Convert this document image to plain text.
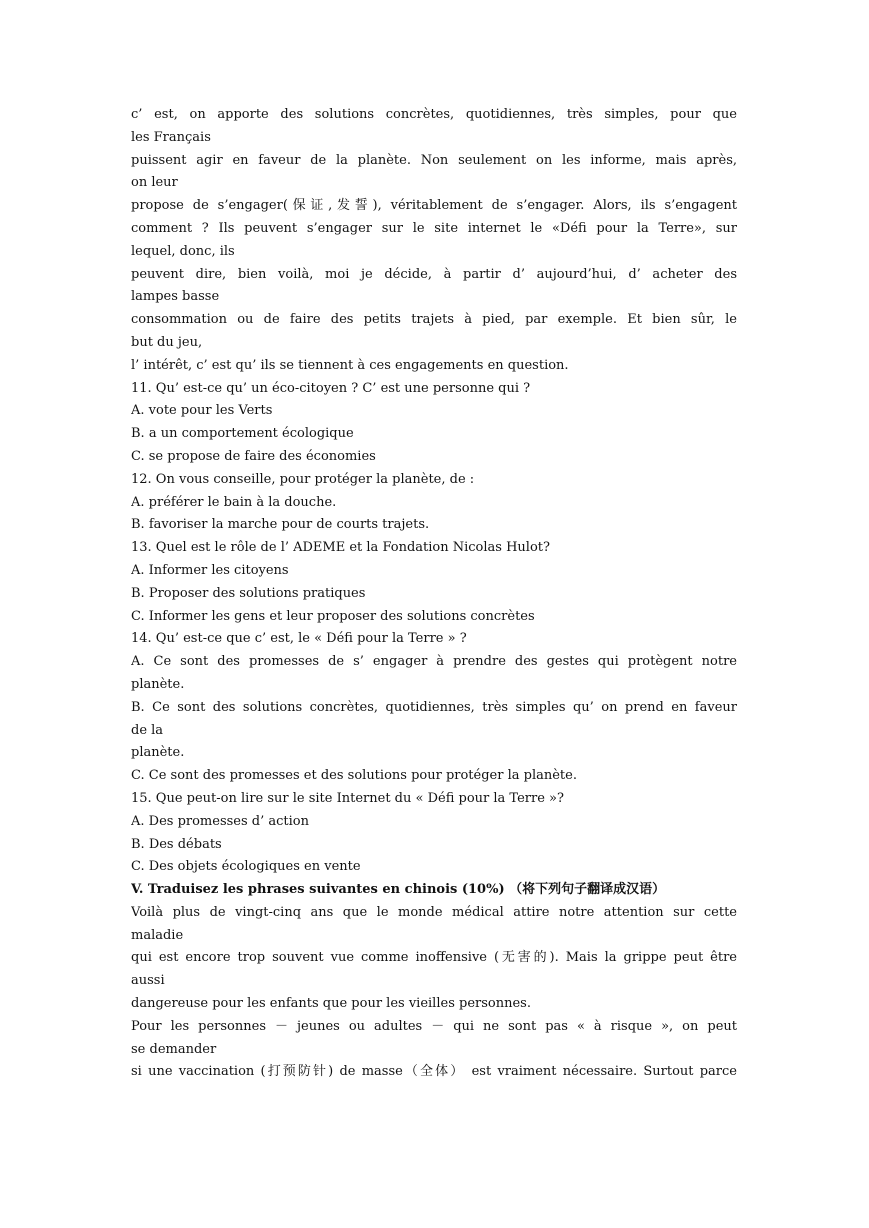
c’ est, on apporte des solutions concrètes, quotidiennes, très simples, pour que
les Français
puissent agir en faveur de la planète. Non seulement on les informe, mais après,
on leur
propose de s’engager(保证,发誓), véritablement de s’engager. Alors, ils s’engagent
comment ? Ils peuvent s’engager sur le site internet le «Défi pour la Terre», sur
lequel, donc, ils
peuvent dire, bien voilà, moi je décide, à partir d’ aujourd’hui, d’ acheter des
lampes basse
consommation ou de faire des petits trajets à pied, par exemple. Et bien sûr, le
but du jeu,
l’ intérêt, c’ est qu’ ils se tiennent à ces engagements en question.
11. Qu’ est-ce qu’ un éco-citoyen ? C’ est une personne qui ?
A. vote pour les Verts
B. a un comportement écologique
C. se propose de faire des économies
12. On vous conseille, pour protéger la planète, de :
A. préférer le bain à la douche.
B. favoriser la marche pour de courts trajets.
13. Quel est le rôle de l’ ADEME et la Fondation Nicolas Hulot?
A. Informer les citoyens
B. Proposer des solutions pratiques
C. Informer les gens et leur proposer des solutions concrètes
14. Qu’ est-ce que c’ est, le « Défi pour la Terre » ?
A. Ce sont des promesses de s’ engager à prendre des gestes qui protègent notre
planète.
B. Ce sont des solutions concrètes, quotidiennes, très simples qu’ on prend en faveur
de la
planète.
C. Ce sont des promesses et des solutions pour protéger la planète.
15. Que peut-on lire sur le site Internet du « Défi pour la Terre »?
A. Des promesses d’ action
B. Des débats
C. Des objets écologiques en vente
V. Traduisez les phrases suivantes en chinois (10%) （将下列句子翻译成汉语）
Voilà plus de vingt-cinq ans que le monde médical attire notre attention sur cette
maladie
qui est encore trop souvent vue comme inoffensive (无害的). Mais la grippe peut être
aussi
dangereuse pour les enfants que pour les vieilles personnes.
Pour les personnes － jeunes ou adultes － qui ne sont pas « à risque », on peut
se demander
si une vaccination (打预防针) de masse（全体） est vraiment nécessaire. Surtout parce
